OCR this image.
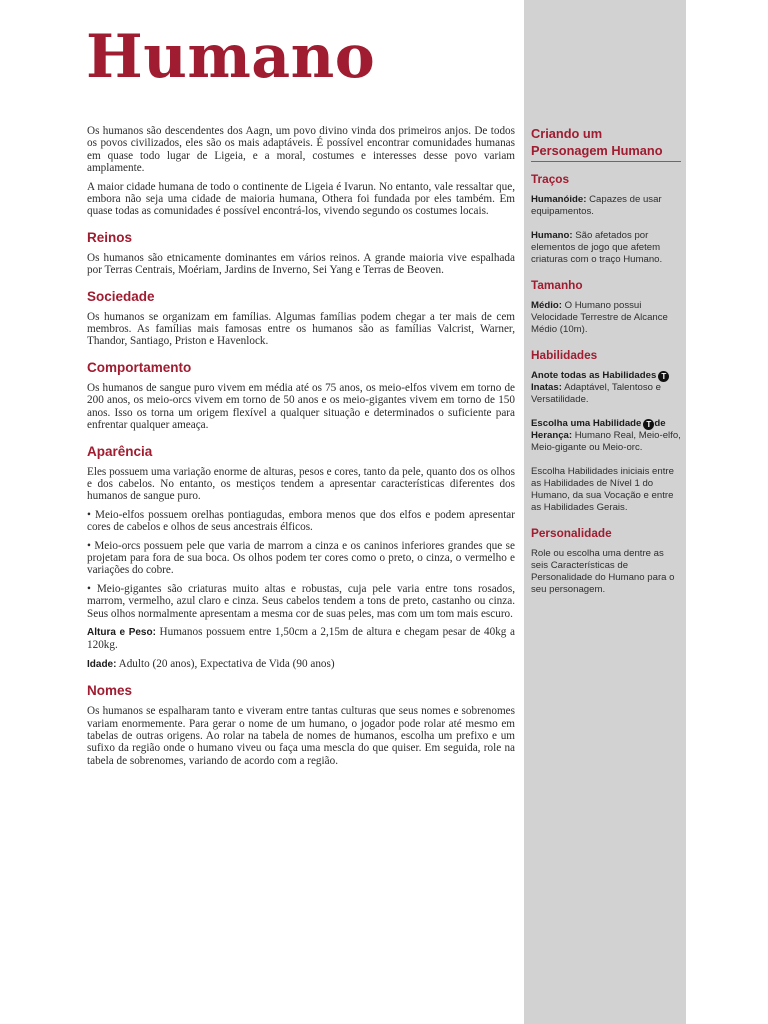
Humano

Os humanos são descendentes dos Aagn, um povo divino vinda dos primeiros anjos. De todos os povos civilizados, eles são os mais adaptáveis. É possível encontrar comunidades humanas em quase todo lugar de Ligeia, e a moral, costumes e interesses desse povo variam amplamente.

A maior cidade humana de todo o continente de Ligeia é Ivarun. No entanto, vale ressaltar que, embora não seja uma cidade de maioria humana, Othera foi fundada por eles também. Em quase todas as comunidades é possível encontrá-los, vivendo segundo os costumes locais.

Reinos

Os humanos são etnicamente dominantes em vários reinos. A grande maioria vive espalhada por Terras Centrais, Moériam, Jardins de Inverno, Sei Yang e Terras de Beoven.

Sociedade

Os humanos se organizam em famílias. Algumas famílias podem chegar a ter mais de cem membros. As famílias mais famosas entre os humanos são as famílias Valcrist, Warner, Thandor, Santiago, Priston e Havenlock.

Comportamento

Os humanos de sangue puro vivem em média até os 75 anos, os meio-elfos vivem em torno de 200 anos, os meio-orcs vivem em torno de 50 anos e os meio-gigantes vivem em torno de 150 anos. Isso os torna um origem flexível a qualquer situação e determinados o suficiente para enfrentar qualquer ameaça.

Aparência

Eles possuem uma variação enorme de alturas, pesos e cores, tanto da pele, quanto dos os olhos e dos cabelos. No entanto, os mestiços tendem a apresentar características diferentes dos humanos de sangue puro.

• Meio-elfos possuem orelhas pontiagudas, embora menos que dos elfos e podem apresentar cores de cabelos e olhos de seus ancestrais élficos.

• Meio-orcs possuem pele que varia de marrom a cinza e os caninos inferiores grandes que se projetam para fora de sua boca. Os olhos podem ter cores como o preto, o cinza, o vermelho e variações do cobre.

• Meio-gigantes são criaturas muito altas e robustas, cuja pele varia entre tons rosados, marrom, vermelho, azul claro e cinza. Seus cabelos tendem a tons de preto, castanho ou cinza. Seus olhos normalmente apresentam a mesma cor de suas peles, mas com um tom mais escuro.

Altura e Peso: Humanos possuem entre 1,50cm a 2,15m de altura e chegam pesar de 40kg a 120kg.

Idade: Adulto (20 anos), Expectativa de Vida (90 anos)

Nomes

Os humanos se espalharam tanto e viveram entre tantas culturas que seus nomes e sobrenomes variam enormemente. Para gerar o nome de um humano, o jogador pode rolar até mesmo em tabelas de outras origens. Ao rolar na tabela de nomes de humanos, escolha um prefixo e um sufixo da região onde o humano viveu ou faça uma mescla do que quiser. Em seguida, role na tabela de sobrenomes, variando de acordo com a região.

Criando um Personagem Humano
Traços

Humanóide: Capazes de usar equipamentos.

Humano: São afetados por elementos de jogo que afetem criaturas com o traço Humano.

Tamanho

Médio: O Humano possui Velocidade Terrestre de Alcance Médio (10m).

Habilidades

Anote todas as Habilidades T
Inatas: Adaptável, Talentoso e Versatilidade.

Escolha uma Habilidade T de Herança: Humano Real, Meio-elfo, Meio-gigante ou Meio-orc.

Escolha Habilidades iniciais entre as Habilidades de Nível 1 do Humano, da sua Vocação e entre as Habilidades Gerais.

Personalidade

Role ou escolha uma dentre as seis Características de Personalidade do Humano para o seu personagem.
